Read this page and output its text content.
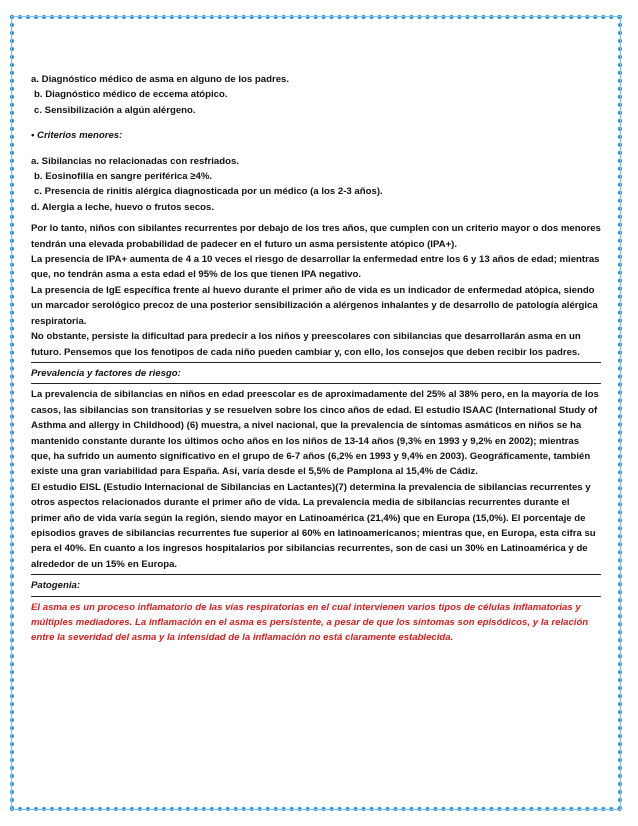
a. Diagnóstico médico de asma en alguno de los padres.

b. Diagnóstico médico de eccema atópico.

c. Sensibilización a algún alérgeno.

• Criterios menores:

a. Sibilancias no relacionadas con resfriados.

b. Eosinofilia en sangre periférica ≥4%.

c. Presencia de rinitis alérgica diagnosticada por un médico (a los 2-3 años).

d. Alergia a leche, huevo o frutos secos.

Por lo tanto, niños con sibilantes recurrentes por debajo de los tres años, que cumplen con un criterio mayor o dos menores tendrán una elevada probabilidad de padecer en el futuro un asma persistente atópico (IPA+).

La presencia de IPA+ aumenta de 4 a 10 veces el riesgo de desarrollar la enfermedad entre los 6 y 13 años de edad; mientras que, no tendrán asma a esta edad el 95% de los que tienen IPA negativo.

La presencia de IgE específica frente al huevo durante el primer año de vida es un indicador de enfermedad atópica, siendo un marcador serológico precoz de una posterior sensibilización a alérgenos inhalantes y de desarrollo de patología alérgica respiratoria.

No obstante, persiste la dificultad para predecir a los niños y preescolares con sibilancias que desarrollarán asma en un futuro. Pensemos que los fenotipos de cada niño pueden cambiar y, con ello, los consejos que deben recibir los padres.

Prevalencia y factores de riesgo:

La prevalencia de sibilancias en niños en edad preescolar es de aproximadamente del 25% al 38% pero, en la mayoría de los casos, las sibilancias son transitorias y se resuelven sobre los cinco años de edad. El estudio ISAAC (International Study of Asthma and allergy in Childhood) (6) muestra, a nivel nacional, que la prevalencia de síntomas asmáticos en niños se ha mantenido constante durante los últimos ocho años en los niños de 13-14 años (9,3% en 1993 y 9,2% en 2002); mientras que, ha sufrido un aumento significativo en el grupo de 6-7 años (6,2% en 1993 y 9,4% en 2003). Geográficamente, también existe una gran variabilidad para España. Así, varía desde el 5,5% de Pamplona al 15,4% de Cádiz.

El estudio EISL (Estudio Internacional de Sibilancias en Lactantes)(7) determina la prevalencia de sibilancias recurrentes y otros aspectos relacionados durante el primer año de vida. La prevalencia media de sibilancias recurrentes durante el primer año de vida varía según la región, siendo mayor en Latinoamérica (21,4%) que en Europa (15,0%). El porcentaje de episodios graves de sibilancias recurrentes fue superior al 60% en latinoamericanos; mientras que, en Europa, esta cifra su pera el 40%. En cuanto a los ingresos hospitalarios por sibilancias recurrentes, son de casi un 30% en Latinoamérica y de alrededor de un 15% en Europa.

Patogenia:

El asma es un proceso inflamatorio de las vías respiratorias en el cual intervienen varios tipos de células inflamatorias y múltiples mediadores. La inflamación en el asma es persistente, a pesar de que los síntomas son episódicos, y la relación entre la severidad del asma y la intensidad de la inflamación no está claramente establecida.
